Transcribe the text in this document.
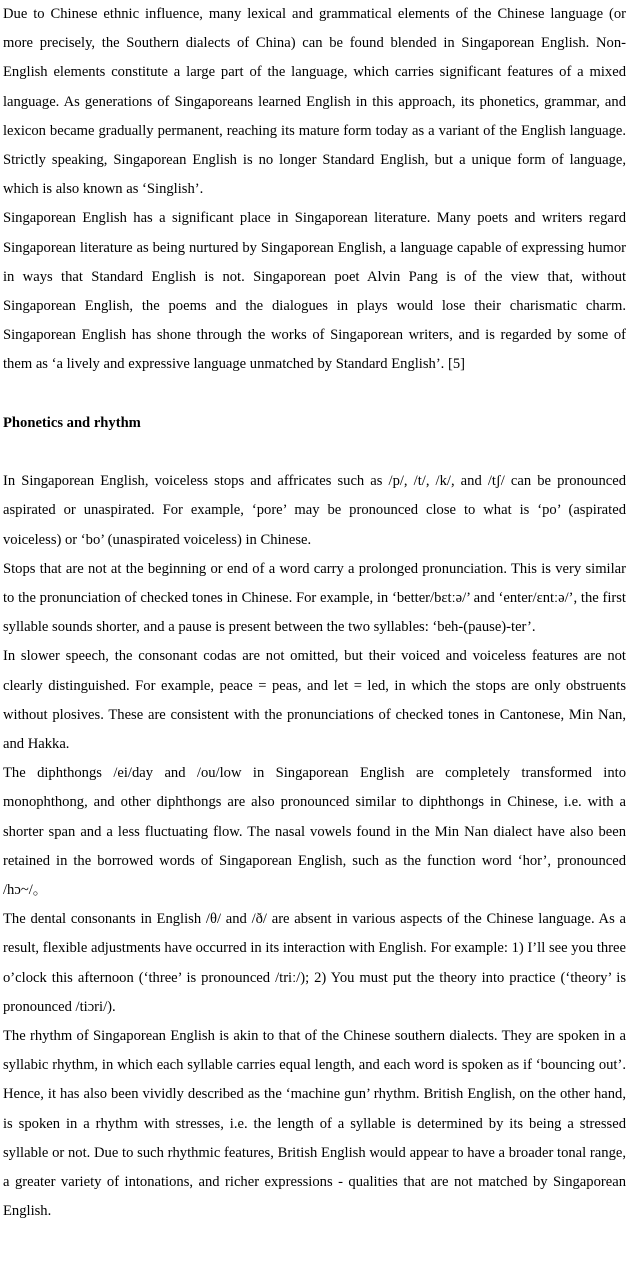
Due to Chinese ethnic influence, many lexical and grammatical elements of the Chinese language (or more precisely, the Southern dialects of China) can be found blended in Singaporean English. Non-English elements constitute a large part of the language, which carries significant features of a mixed language. As generations of Singaporeans learned English in this approach, its phonetics, grammar, and lexicon became gradually permanent, reaching its mature form today as a variant of the English language. Strictly speaking, Singaporean English is no longer Standard English, but a unique form of language, which is also known as ‘Singlish’.

Singaporean English has a significant place in Singaporean literature. Many poets and writers regard Singaporean literature as being nurtured by Singaporean English, a language capable of expressing humor in ways that Standard English is not. Singaporean poet Alvin Pang is of the view that, without Singaporean English, the poems and the dialogues in plays would lose their charismatic charm. Singaporean English has shone through the works of Singaporean writers, and is regarded by some of them as ‘a lively and expressive language unmatched by Standard English’. [5]

Phonetics and rhythm

In Singaporean English, voiceless stops and affricates such as /p/, /t/, /k/, and /tʃ/ can be pronounced aspirated or unaspirated. For example, ‘pore’ may be pronounced close to what is ‘po’ (aspirated voiceless) or ‘bo’ (unaspirated voiceless) in Chinese.

Stops that are not at the beginning or end of a word carry a prolonged pronunciation. This is very similar to the pronunciation of checked tones in Chinese. For example, in ‘better/bɛtːə/’ and ‘enter/ɛntːə/’, the first syllable sounds shorter, and a pause is present between the two syllables: ‘beh-(pause)-ter’.

In slower speech, the consonant codas are not omitted, but their voiced and voiceless features are not clearly distinguished. For example, peace = peas, and let = led, in which the stops are only obstruents without plosives. These are consistent with the pronunciations of checked tones in Cantonese, Min Nan, and Hakka.

The diphthongs /ei/day and /ou/low in Singaporean English are completely transformed into monophthong, and other diphthongs are also pronounced similar to diphthongs in Chinese, i.e. with a shorter span and a less fluctuating flow. The nasal vowels found in the Min Nan dialect have also been retained in the borrowed words of Singaporean English, such as the function word ‘hor’, pronounced /hɔ~/。

The dental consonants in English /θ/ and /ð/ are absent in various aspects of the Chinese language. As a result, flexible adjustments have occurred in its interaction with English. For example: 1) I’ll see you three o’clock this afternoon (‘three’ is pronounced /triː/); 2) You must put the theory into practice (‘theory’ is pronounced /tiɔri/).

The rhythm of Singaporean English is akin to that of the Chinese southern dialects. They are spoken in a syllabic rhythm, in which each syllable carries equal length, and each word is spoken as if ‘bouncing out’. Hence, it has also been vividly described as the ‘machine gun’ rhythm. British English, on the other hand, is spoken in a rhythm with stresses, i.e. the length of a syllable is determined by its being a stressed syllable or not. Due to such rhythmic features, British English would appear to have a broader tonal range, a greater variety of intonations, and richer expressions - qualities that are not matched by Singaporean English.
